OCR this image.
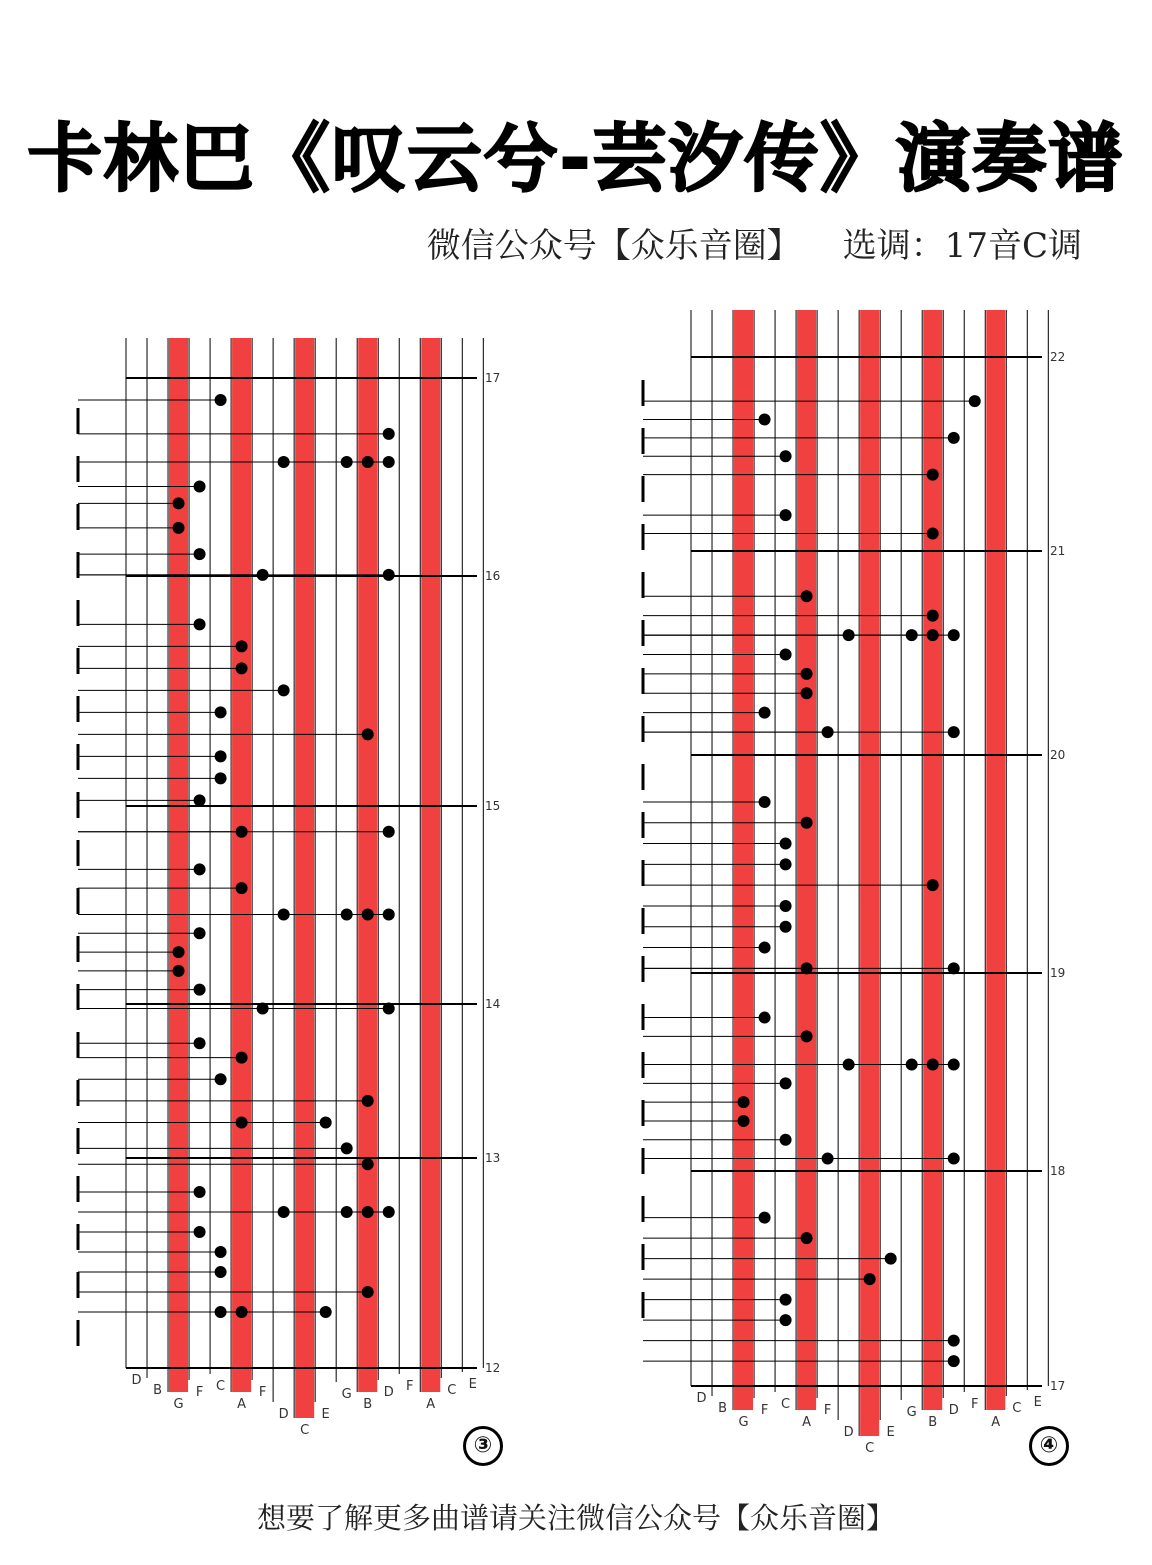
卡林巴《叹云兮-芸汐传》演奏谱
微信公众号【众乐音圈】 选调：17音C调
D
B
G
F C
A
F
D
C
E
G
B
D F
A
C E
17
16
15
14
13
12
D
B
G
F C
A
F
D
C
E
G
B
D F
A
C E
22
21
20
19
18
17
③	④
想要了解更多曲谱请关注微信公众号【众乐音圈】
